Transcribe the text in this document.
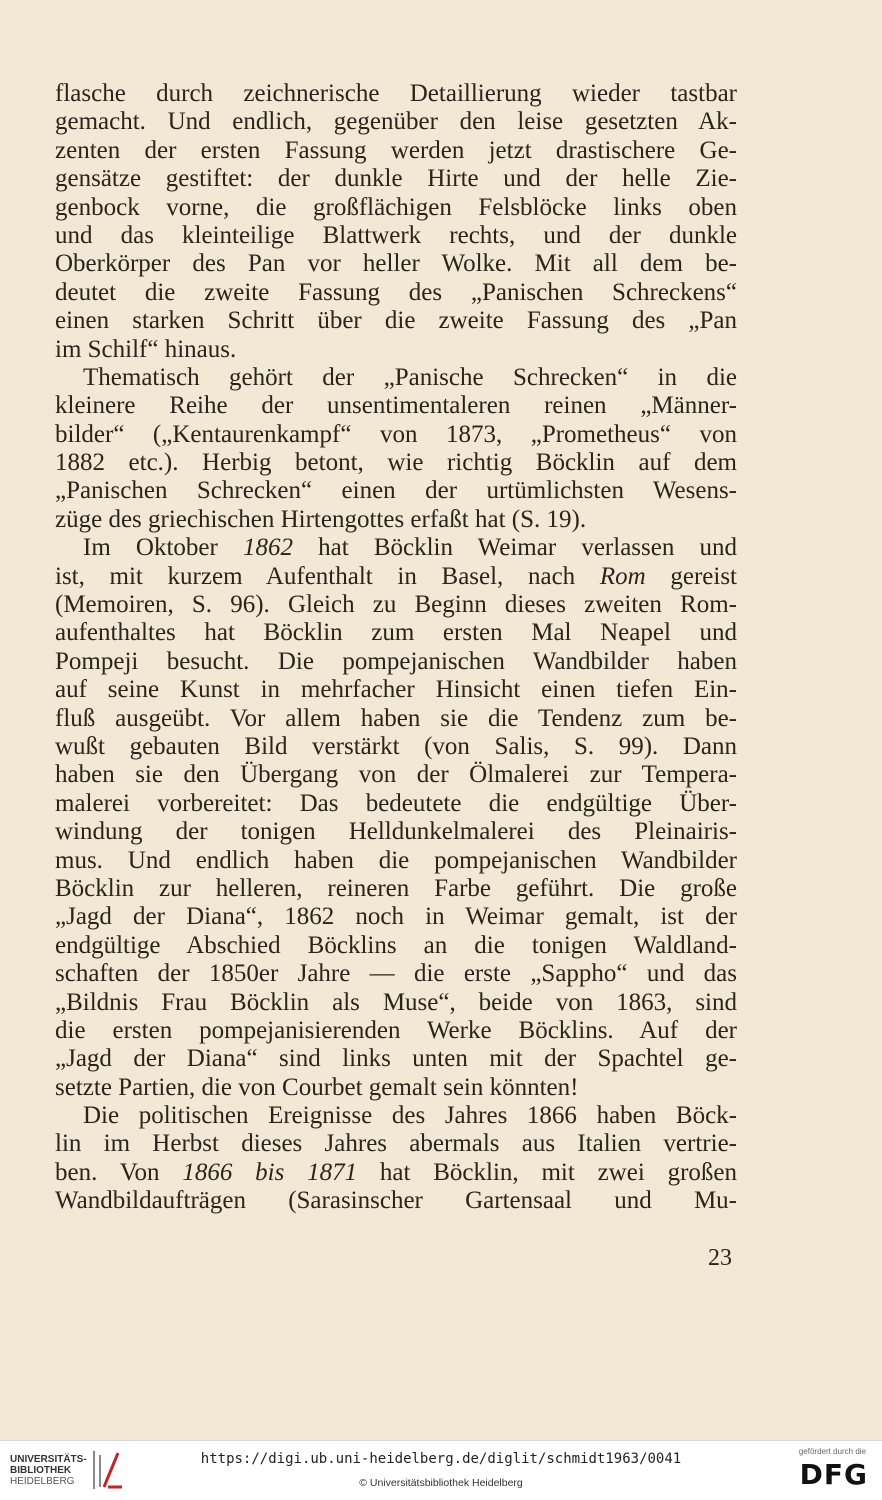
flasche durch zeichnerische Detaillierung wieder tastbar
gemacht. Und endlich, gegenüber den leise gesetzten Ak-
zenten der ersten Fassung werden jetzt drastischere Ge-
gensätze gestiftet: der dunkle Hirte und der helle Zie-
genbock vorne, die großflächigen Felsblöcke links oben
und das kleinteilige Blattwerk rechts, und der dunkle
Oberkörper des Pan vor heller Wolke. Mit all dem be-
deutet die zweite Fassung des „Panischen Schreckens“
einen starken Schritt über die zweite Fassung des „Pan
im Schilf“ hinaus.
Thematisch gehört der „Panische Schrecken“ in die
kleinere Reihe der unsentimentaleren reinen „Männer-
bilder“ („Kentaurenkampf“ von 1873, „Prometheus“ von
1882 etc.). Herbig betont, wie richtig Böcklin auf dem
„Panischen Schrecken“ einen der urtümlichsten Wesens-
züge des griechischen Hirtengottes erfaßt hat (S. 19).
Im Oktober 1862 hat Böcklin Weimar verlassen und
ist, mit kurzem Aufenthalt in Basel, nach Rom gereist
(Memoiren, S. 96). Gleich zu Beginn dieses zweiten Rom-
aufenthaltes hat Böcklin zum ersten Mal Neapel und
Pompeji besucht. Die pompejanischen Wandbilder haben
auf seine Kunst in mehrfacher Hinsicht einen tiefen Ein-
fluß ausgeübt. Vor allem haben sie die Tendenz zum be-
wußt gebauten Bild verstärkt (von Salis, S. 99). Dann
haben sie den Übergang von der Ölmalerei zur Tempera-
malerei vorbereitet: Das bedeutete die endgültige Über-
windung der tonigen Helldunkelmalerei des Pleinairis-
mus. Und endlich haben die pompejanischen Wandbilder
Böcklin zur helleren, reineren Farbe geführt. Die große
„Jagd der Diana“, 1862 noch in Weimar gemalt, ist der
endgültige Abschied Böcklins an die tonigen Waldland-
schaften der 1850er Jahre — die erste „Sappho“ und das
„Bildnis Frau Böcklin als Muse“, beide von 1863, sind
die ersten pompejanisierenden Werke Böcklins. Auf der
„Jagd der Diana“ sind links unten mit der Spachtel ge-
setzte Partien, die von Courbet gemalt sein könnten!
Die politischen Ereignisse des Jahres 1866 haben Böck-
lin im Herbst dieses Jahres abermals aus Italien vertrie-
ben. Von 1866 bis 1871 hat Böcklin, mit zwei großen
Wandbildaufträgen (Sarasinscher Gartensaal und Mu-
23
UNIVERSITÄTS-
BIBLIOTHEK
HEIDELBERG
https://digi.ub.uni-heidelberg.de/diglit/schmidt1963/0041
© Universitätsbibliothek Heidelberg
gefördert durch die
DFG
